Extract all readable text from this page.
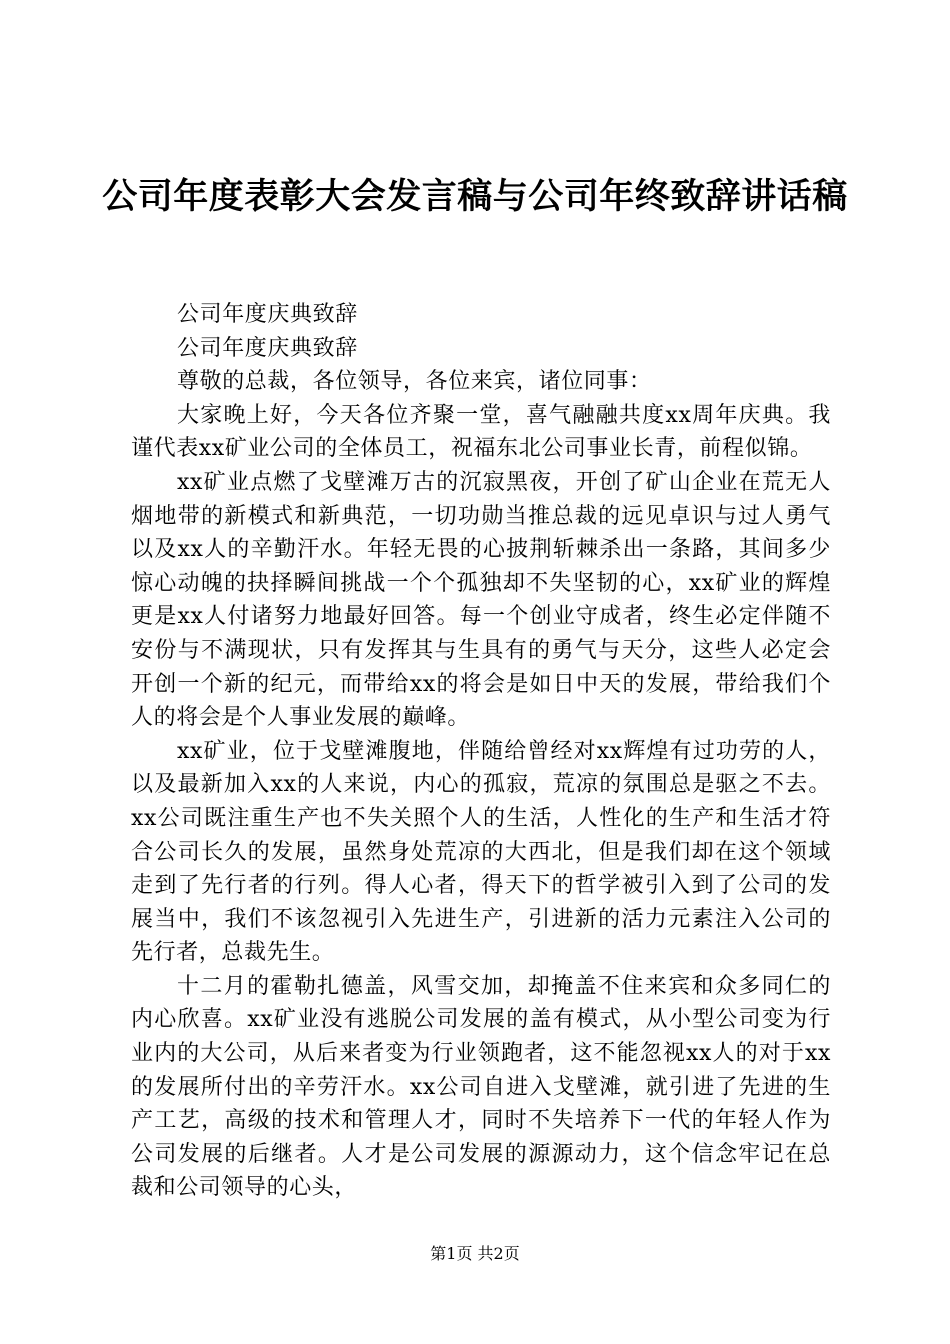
公司年度表彰大会发言稿与公司年终致辞讲话稿

公司年度庆典致辞

公司年度庆典致辞

尊敬的总裁，各位领导，各位来宾，诸位同事：

大家晚上好，今天各位齐聚一堂，喜气融融共度xx周年庆典。我谨代表xx矿业公司的全体员工，祝福东北公司事业长青，前程似锦。

xx矿业点燃了戈壁滩万古的沉寂黑夜，开创了矿山企业在荒无人烟地带的新模式和新典范，一切功勋当推总裁的远见卓识与过人勇气以及xx人的辛勤汗水。年轻无畏的心披荆斩棘杀出一条路，其间多少惊心动魄的抉择瞬间挑战一个个孤独却不失坚韧的心，xx矿业的辉煌更是xx人付诸努力地最好回答。每一个创业守成者，终生必定伴随不安份与不满现状，只有发挥其与生具有的勇气与天分，这些人必定会开创一个新的纪元，而带给xx的将会是如日中天的发展，带给我们个人的将会是个人事业发展的巅峰。

xx矿业，位于戈壁滩腹地，伴随给曾经对xx辉煌有过功劳的人，以及最新加入xx的人来说，内心的孤寂，荒凉的氛围总是驱之不去。xx公司既注重生产也不失关照个人的生活，人性化的生产和生活才符合公司长久的发展，虽然身处荒凉的大西北，但是我们却在这个领域走到了先行者的行列。得人心者，得天下的哲学被引入到了公司的发展当中，我们不该忽视引入先进生产，引进新的活力元素注入公司的先行者，总裁先生。

十二月的霍勒扎德盖，风雪交加，却掩盖不住来宾和众多同仁的内心欣喜。xx矿业没有逃脱公司发展的盖有模式，从小型公司变为行业内的大公司，从后来者变为行业领跑者，这不能忽视xx人的对于xx的发展所付出的辛劳汗水。xx公司自进入戈壁滩，就引进了先进的生产工艺，高级的技术和管理人才，同时不失培养下一代的年轻人作为公司发展的后继者。人才是公司发展的源源动力，这个信念牢记在总裁和公司领导的心头，

第1页 共2页
